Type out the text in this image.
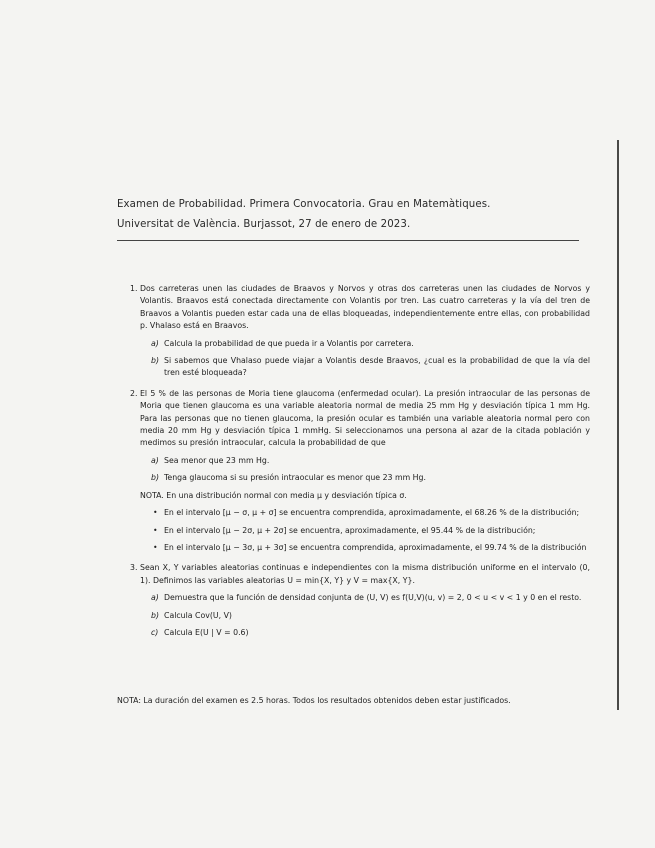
Examen de Probabilidad. Primera Convocatoria. Grau en Matemàtiques.
Universitat de València. Burjassot, 27 de enero de 2023.
1. Dos carreteras unen las ciudades de Braavos y Norvos y otras dos carreteras unen las ciudades de Norvos y Volantis. Braavos está conectada directamente con Volantis por tren. Las cuatro carreteras y la vía del tren de Braavos a Volantis pueden estar cada una de ellas bloqueadas, independientemente entre ellas, con probabilidad p. Vhalaso está en Braavos.
a) Calcula la probabilidad de que pueda ir a Volantis por carretera.
b) Si sabemos que Vhalaso puede viajar a Volantis desde Braavos, ¿cual es la probabilidad de que la vía del tren esté bloqueada?
2. El 5 % de las personas de Moria tiene glaucoma (enfermedad ocular). La presión intraocular de las personas de Moria que tienen glaucoma es una variable aleatoria normal de media 25 mm Hg y desviación típica 1 mm Hg. Para las personas que no tienen glaucoma, la presión ocular es también una variable aleatoria normal pero con media 20 mm Hg y desviación típica 1 mmHg. Si seleccionamos una persona al azar de la citada población y medimos su presión intraocular, calcula la probabilidad de que
a) Sea menor que 23 mm Hg.
b) Tenga glaucoma si su presión intraocular es menor que 23 mm Hg.
NOTA. En una distribución normal con media μ y desviación típica σ.
• En el intervalo [μ − σ, μ + σ] se encuentra comprendida, aproximadamente, el 68.26 % de la distribución;
• En el intervalo [μ − 2σ, μ + 2σ] se encuentra, aproximadamente, el 95.44 % de la distribución;
• En el intervalo [μ − 3σ, μ + 3σ] se encuentra comprendida, aproximadamente, el 99.74 % de la distribución
3. Sean X, Y variables aleatorias continuas e independientes con la misma distribución uniforme en el intervalo (0, 1). Definimos las variables aleatorias U = min{X, Y} y V = max{X, Y}.
a) Demuestra que la función de densidad conjunta de (U, V) es f(U,V)(u, v) = 2, 0 < u < v < 1 y 0 en el resto.
b) Calcula Cov(U, V)
c) Calcula E(U | V = 0.6)
NOTA: La duración del examen es 2.5 horas. Todos los resultados obtenidos deben estar justificados.
